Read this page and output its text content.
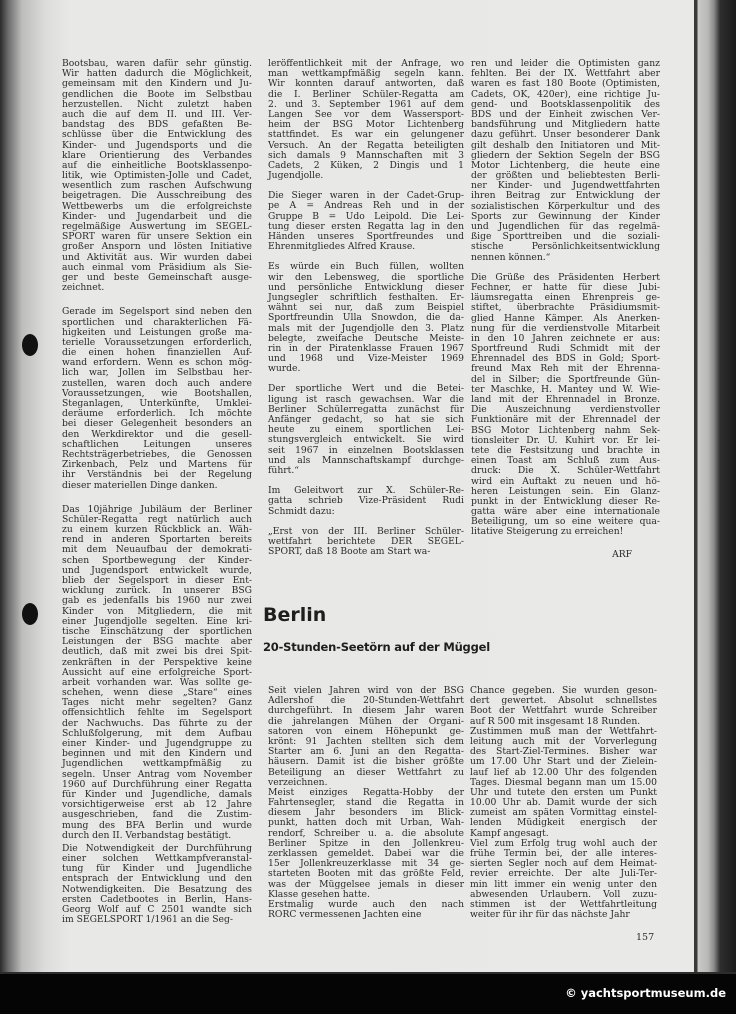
Bootsbau, waren dafür sehr günstig.
Wir hatten dadurch die Möglichkeit,
gemeinsam mit den Kindern und Ju-
gendlichen die Boote im Selbstbau
herzustellen. Nicht zuletzt haben
auch die auf dem II. und III. Ver-
bandstag des BDS gefaßten Be-
schlüsse über die Entwicklung des
Kinder- und Jugendsports und die
klare Orientierung des Verbandes
auf die einheitliche Bootsklassenpo-
litik, wie Optimisten-Jolle und Cadet,
wesentlich zum raschen Aufschwung
beigetragen. Die Ausschreibung des
Wettbewerbs um die erfolgreichste
Kinder- und Jugendarbeit und die
regelmäßige Auswertung im SEGEL-
SPORT waren für unsere Sektion ein
großer Ansporn und lösten Initiative
und Aktivität aus. Wir wurden dabei
auch einmal vom Präsidium als Sie-
ger und beste Gemeinschaft ausge-
zeichnet.
Gerade im Segelsport sind neben den
sportlichen und charakterlichen Fä-
higkeiten und Leistungen große ma-
terielle Voraussetzungen erforderlich,
die einen hohen finanziellen Auf-
wand erfordern. Wenn es schon mög-
lich war, Jollen im Selbstbau her-
zustellen, waren doch auch andere
Voraussetzungen, wie Bootshallen,
Steganlagen, Unterkünfte, Umklei-
deräume erforderlich. Ich möchte
bei dieser Gelegenheit besonders an
den Werkdirektor und die gesell-
schaftlichen Leitungen unseres
Rechtsträgerbetriebes, die Genossen
Zirkenbach, Pelz und Martens für
ihr Verständnis bei der Regelung
dieser materiellen Dinge danken.
Das 10jährige Jubiläum der Berliner
Schüler-Regatta regt natürlich auch
zu einem kurzen Rückblick an. Wäh-
rend in anderen Sportarten bereits
mit dem Neuaufbau der demokrati-
schen Sportbewegung der Kinder-
und Jugendsport entwickelt wurde,
blieb der Segelsport in dieser Ent-
wicklung zurück. In unserer BSG
gab es jedenfalls bis 1960 nur zwei
Kinder von Mitgliedern, die mit
einer Jugendjolle segelten. Eine kri-
tische Einschätzung der sportlichen
Leistungen der BSG machte aber
deutlich, daß mit zwei bis drei Spit-
zenkräften in der Perspektive keine
Aussicht auf eine erfolgreiche Sport-
arbeit vorhanden war. Was sollte ge-
schehen, wenn diese „Stare“ eines
Tages nicht mehr segelten? Ganz
offensichtlich fehlte im Segelsport
der Nachwuchs. Das führte zu der
Schlußfolgerung, mit dem Aufbau
einer Kinder- und Jugendgruppe zu
beginnen und mit den Kindern und
Jugendlichen wettkampfmäßig zu
segeln. Unser Antrag vom November
1960 auf Durchführung einer Regatta
für Kinder und Jugendliche, damals
vorsichtigerweise erst ab 12 Jahre
ausgeschrieben, fand die Zustim-
mung des BFA Berlin und wurde
durch den II. Verbandstag bestätigt.
Die Notwendigkeit der Durchführung
einer solchen Wettkampfveranstal-
tung für Kinder und Jugendliche
entsprach der Entwicklung und den
Notwendigkeiten. Die Besatzung des
ersten Cadetbootes in Berlin, Hans-
Georg Wolf auf C 2501 wandte sich
im SEGELSPORT 1/1961 an die Seg-
leröffentlichkeit mit der Anfrage, wo
man wettkampfmäßig segeln kann.
Wir konnten darauf antworten, daß
die I. Berliner Schüler-Regatta am
2. und 3. September 1961 auf dem
Langen See vor dem Wassersport-
heim der BSG Motor Lichtenberg
stattfindet. Es war ein gelungener
Versuch. An der Regatta beteiligten
sich damals 9 Mannschaften mit 3
Cadets, 2 Küken, 2 Dingis und 1
Jugendjolle.
Die Sieger waren in der Cadet-Grup-
pe A = Andreas Reh und in der
Gruppe B = Udo Leipold. Die Lei-
tung dieser ersten Regatta lag in den
Händen unseres Sportfreundes und
Ehrenmitgliedes Alfred Krause.
Es würde ein Buch füllen, wollten
wir den Lebensweg, die sportliche
und persönliche Entwicklung dieser
Jungsegler schriftlich festhalten. Er-
wähnt sei nur, daß zum Beispiel
Sportfreundin Ulla Snowdon, die da-
mals mit der Jugendjolle den 3. Platz
belegte, zweifache Deutsche Meiste-
rin in der Piratenklasse Frauen 1967
und 1968 und Vize-Meister 1969
wurde.
Der sportliche Wert und die Betei-
ligung ist rasch gewachsen. War die
Berliner Schülerregatta zunächst für
Anfänger gedacht, so hat sie sich
heute zu einem sportlichen Lei-
stungsvergleich entwickelt. Sie wird
seit 1967 in einzelnen Bootsklassen
und als Mannschaftskampf durchge-
führt.“
Im Geleitwort zur X. Schüler-Re-
gatta schrieb Vize-Präsident Rudi
Schmidt dazu:
„Erst von der III. Berliner Schüler-
wettfahrt berichtete DER SEGEL-
SPORT, daß 18 Boote am Start wa-
ren und leider die Optimisten ganz
fehlten. Bei der IX. Wettfahrt aber
waren es fast 180 Boote (Optimisten,
Cadets, OK, 420er), eine richtige Ju-
gend- und Bootsklassenpolitik des
BDS und der Einheit zwischen Ver-
bandsführung und Mitgliedern hatte
dazu geführt. Unser besonderer Dank
gilt deshalb den Initiatoren und Mit-
gliedern der Sektion Segeln der BSG
Motor Lichtenberg, die heute eine
der größten und beliebtesten Berli-
ner Kinder- und Jugendwettfahrten
ihren Beitrag zur Entwicklung der
sozialistischen Körperkultur und des
Sports zur Gewinnung der Kinder
und Jugendlichen für das regelmä-
ßige Sporttreiben und die soziali-
stische Persönlichkeitsentwicklung
nennen können.“
Die Grüße des Präsidenten Herbert
Fechner, er hatte für diese Jubi-
läumsregatta einen Ehrenpreis ge-
stiftet, überbrachte Präsidiumsmit-
glied Hanne Kämper. Als Anerken-
nung für die verdienstvolle Mitarbeit
in den 10 Jahren zeichnete er aus:
Sportfreund Rudi Schmidt mit der
Ehrennadel des BDS in Gold; Sport-
freund Max Reh mit der Ehrenna-
del in Silber; die Sportfreunde Gün-
ter Maschke, H. Mantey und W. Wie-
land mit der Ehrennadel in Bronze.
Die Auszeichnung verdienstvoller
Funktionäre mit der Ehrennadel der
BSG Motor Lichtenberg nahm Sek-
tionsleiter Dr. U. Kuhirt vor. Er lei-
tete die Festsitzung und brachte in
einen Toast am Schluß zum Aus-
druck: Die X. Schüler-Wettfahrt
wird ein Auftakt zu neuen und hö-
heren Leistungen sein. Ein Glanz-
punkt in der Entwicklung dieser Re-
gatta wäre aber eine internationale
Beteiligung, um so eine weitere qua-
litative Steigerung zu erreichen!
ARF
Berlin
20-Stunden-Seetörn auf der Müggel
Seit vielen Jahren wird von der BSG
Adlershof die 20-Stunden-Wettfahrt
durchgeführt. In diesem Jahr waren
die jahrelangen Mühen der Organi-
satoren von einem Höhepunkt ge-
krönt: 91 Jachten stellten sich dem
Starter am 6. Juni an den Regatta-
häusern. Damit ist die bisher größte
Beteiligung an dieser Wettfahrt zu
verzeichnen.
Meist einziges Regatta-Hobby der
Fahrtensegler, stand die Regatta in
diesem Jahr besonders im Blick-
punkt, hatten doch mit Urban, Wah-
rendorf, Schreiber u. a. die absolute
Berliner Spitze in den Jollenkreu-
zerklassen gemeldet. Dabei war die
15er Jollenkreuzerklasse mit 34 ge-
starteten Booten mit das größte Feld,
was der Müggelsee jemals in dieser
Klasse gesehen hatte.
Erstmalig wurde auch den nach
RORC vermessenen Jachten eine
Chance gegeben. Sie wurden geson-
dert gewertet. Absolut schnellstes
Boot der Wettfahrt wurde Schreiber
auf R 500 mit insgesamt 18 Runden.
Zustimmen muß man der Wettfahrt-
leitung auch mit der Vorverlegung
des Start-Ziel-Termines. Bisher war
um 17.00 Uhr Start und der Zielein-
lauf lief ab 12.00 Uhr des folgenden
Tages. Diesmal begann man um 15.00
Uhr und tutete den ersten um Punkt
10.00 Uhr ab. Damit wurde der sich
zumeist am späten Vormittag einstel-
lenden Müdigkeit energisch der
Kampf angesagt.
Viel zum Erfolg trug wohl auch der
frühe Termin bei, der alle interes-
sierten Segler noch auf dem Heimat-
revier erreichte. Der alte Juli-Ter-
min litt immer ein wenig unter den
abwesenden Urlaubern. Voll zuzu-
stimmen ist der Wettfahrtleitung
weiter für ihr für das nächste Jahr
157
© yachtsportmuseum.de
